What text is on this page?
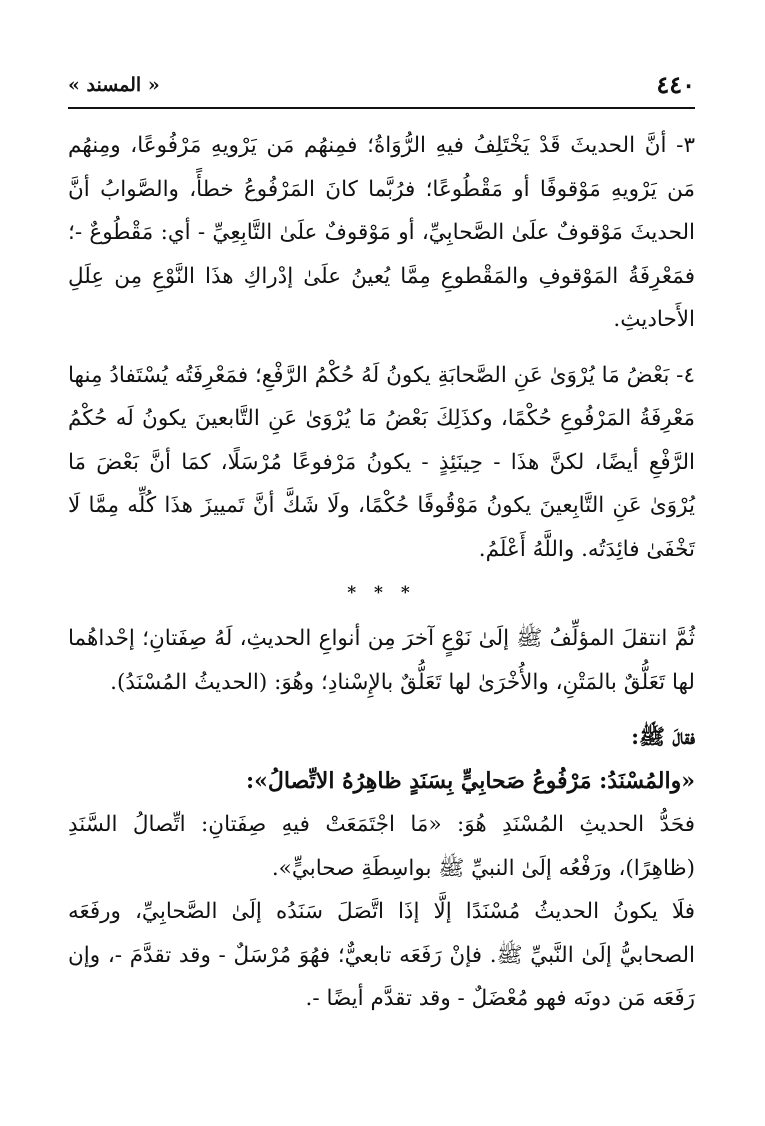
٤٤٠
« المسند »

٣- أنَّ الحديثَ قَدْ يَخْتَلِفُ فيهِ الرُّوَاةُ؛ فمِنهُم مَن يَرْويهِ مَرْفُوعًا، ومِنهُم مَن يَرْويهِ مَوْقوفًا أو مَقْطُوعًا؛ فرُبَّما كانَ المَرْفُوعُ خطأً، والصَّوابُ أنَّ الحديثَ مَوْقوفٌ علَىٰ الصَّحابِيِّ، أو مَوْقوفٌ علَىٰ التَّابِعِيِّ - أي: مَقْطُوعٌ -؛ فمَعْرِفَةُ المَوْقوفِ والمَقْطوعِ مِمَّا يُعينُ علَىٰ إدْراكِ هذَا النَّوْعِ مِن عِلَلِ الأَحاديثِ.

٤- بَعْضُ مَا يُرْوَىٰ عَنِ الصَّحابَةِ يكونُ لَهُ حُكْمُ الرَّفْعِ؛ فمَعْرِفَتُه يُسْتَفادُ مِنها مَعْرِفَةُ المَرْفُوعِ حُكْمًا، وكذَلِكَ بَعْضُ مَا يُرْوَىٰ عَنِ التَّابعينَ يكونُ لَه حُكْمُ الرَّفْعِ أيضًا، لكنَّ هذَا - حِينَئِذٍ - يكونُ مَرْفوعًا مُرْسَلًا، كمَا أنَّ بَعْضَ مَا يُرْوَىٰ عَنِ التَّابِعينَ يكونُ مَوْقُوفًا حُكْمًا، ولَا شَكَّ أنَّ تَمييزَ هذَا كُلِّه مِمَّا لَا تَخْفَىٰ فائِدَتُه. واللَّهُ أَعْلَمُ.

* * *

ثُمَّ انتقلَ المؤلِّفُ ﷺ إلَىٰ نَوْعٍ آخرَ مِن أنواعِ الحديثِ، لَهُ صِفَتانِ؛ إحْداهُما لها تَعَلُّقٌ بالمَتْنِ، والأُخْرَىٰ لها تَعَلُّقٌ بالإِسْنادِ؛ وهُوَ: (الحديثُ المُسْنَدُ).

فقالَ ﷺ:

«والمُسْنَدُ: مَرْفُوعُ صَحابِيٍّ بِسَنَدٍ ظاهِرُهُ الاتِّصالُ»:

فحَدُّ الحديثِ المُسْنَدِ هُوَ: «مَا اجْتَمَعَتْ فيهِ صِفَتانِ: اتِّصالُ السَّنَدِ (ظاهِرًا)، ورَفْعُه إلَىٰ النبيِّ ﷺ بواسِطَةِ صحابيٍّ».

فلَا يكونُ الحديثُ مُسْنَدًا إلَّا إذَا اتَّصَلَ سَنَدُه إلَىٰ الصَّحابِيِّ، ورفَعَه الصحابيُّ إلَىٰ النَّبيِّ ﷺ. فإنْ رَفَعَه تابعيٌّ؛ فهُوَ مُرْسَلٌ - وقد تقدَّمَ -، وإن رَفَعَه مَن دونَه فهو مُعْضَلٌ - وقد تقدَّم أيضًا -.
